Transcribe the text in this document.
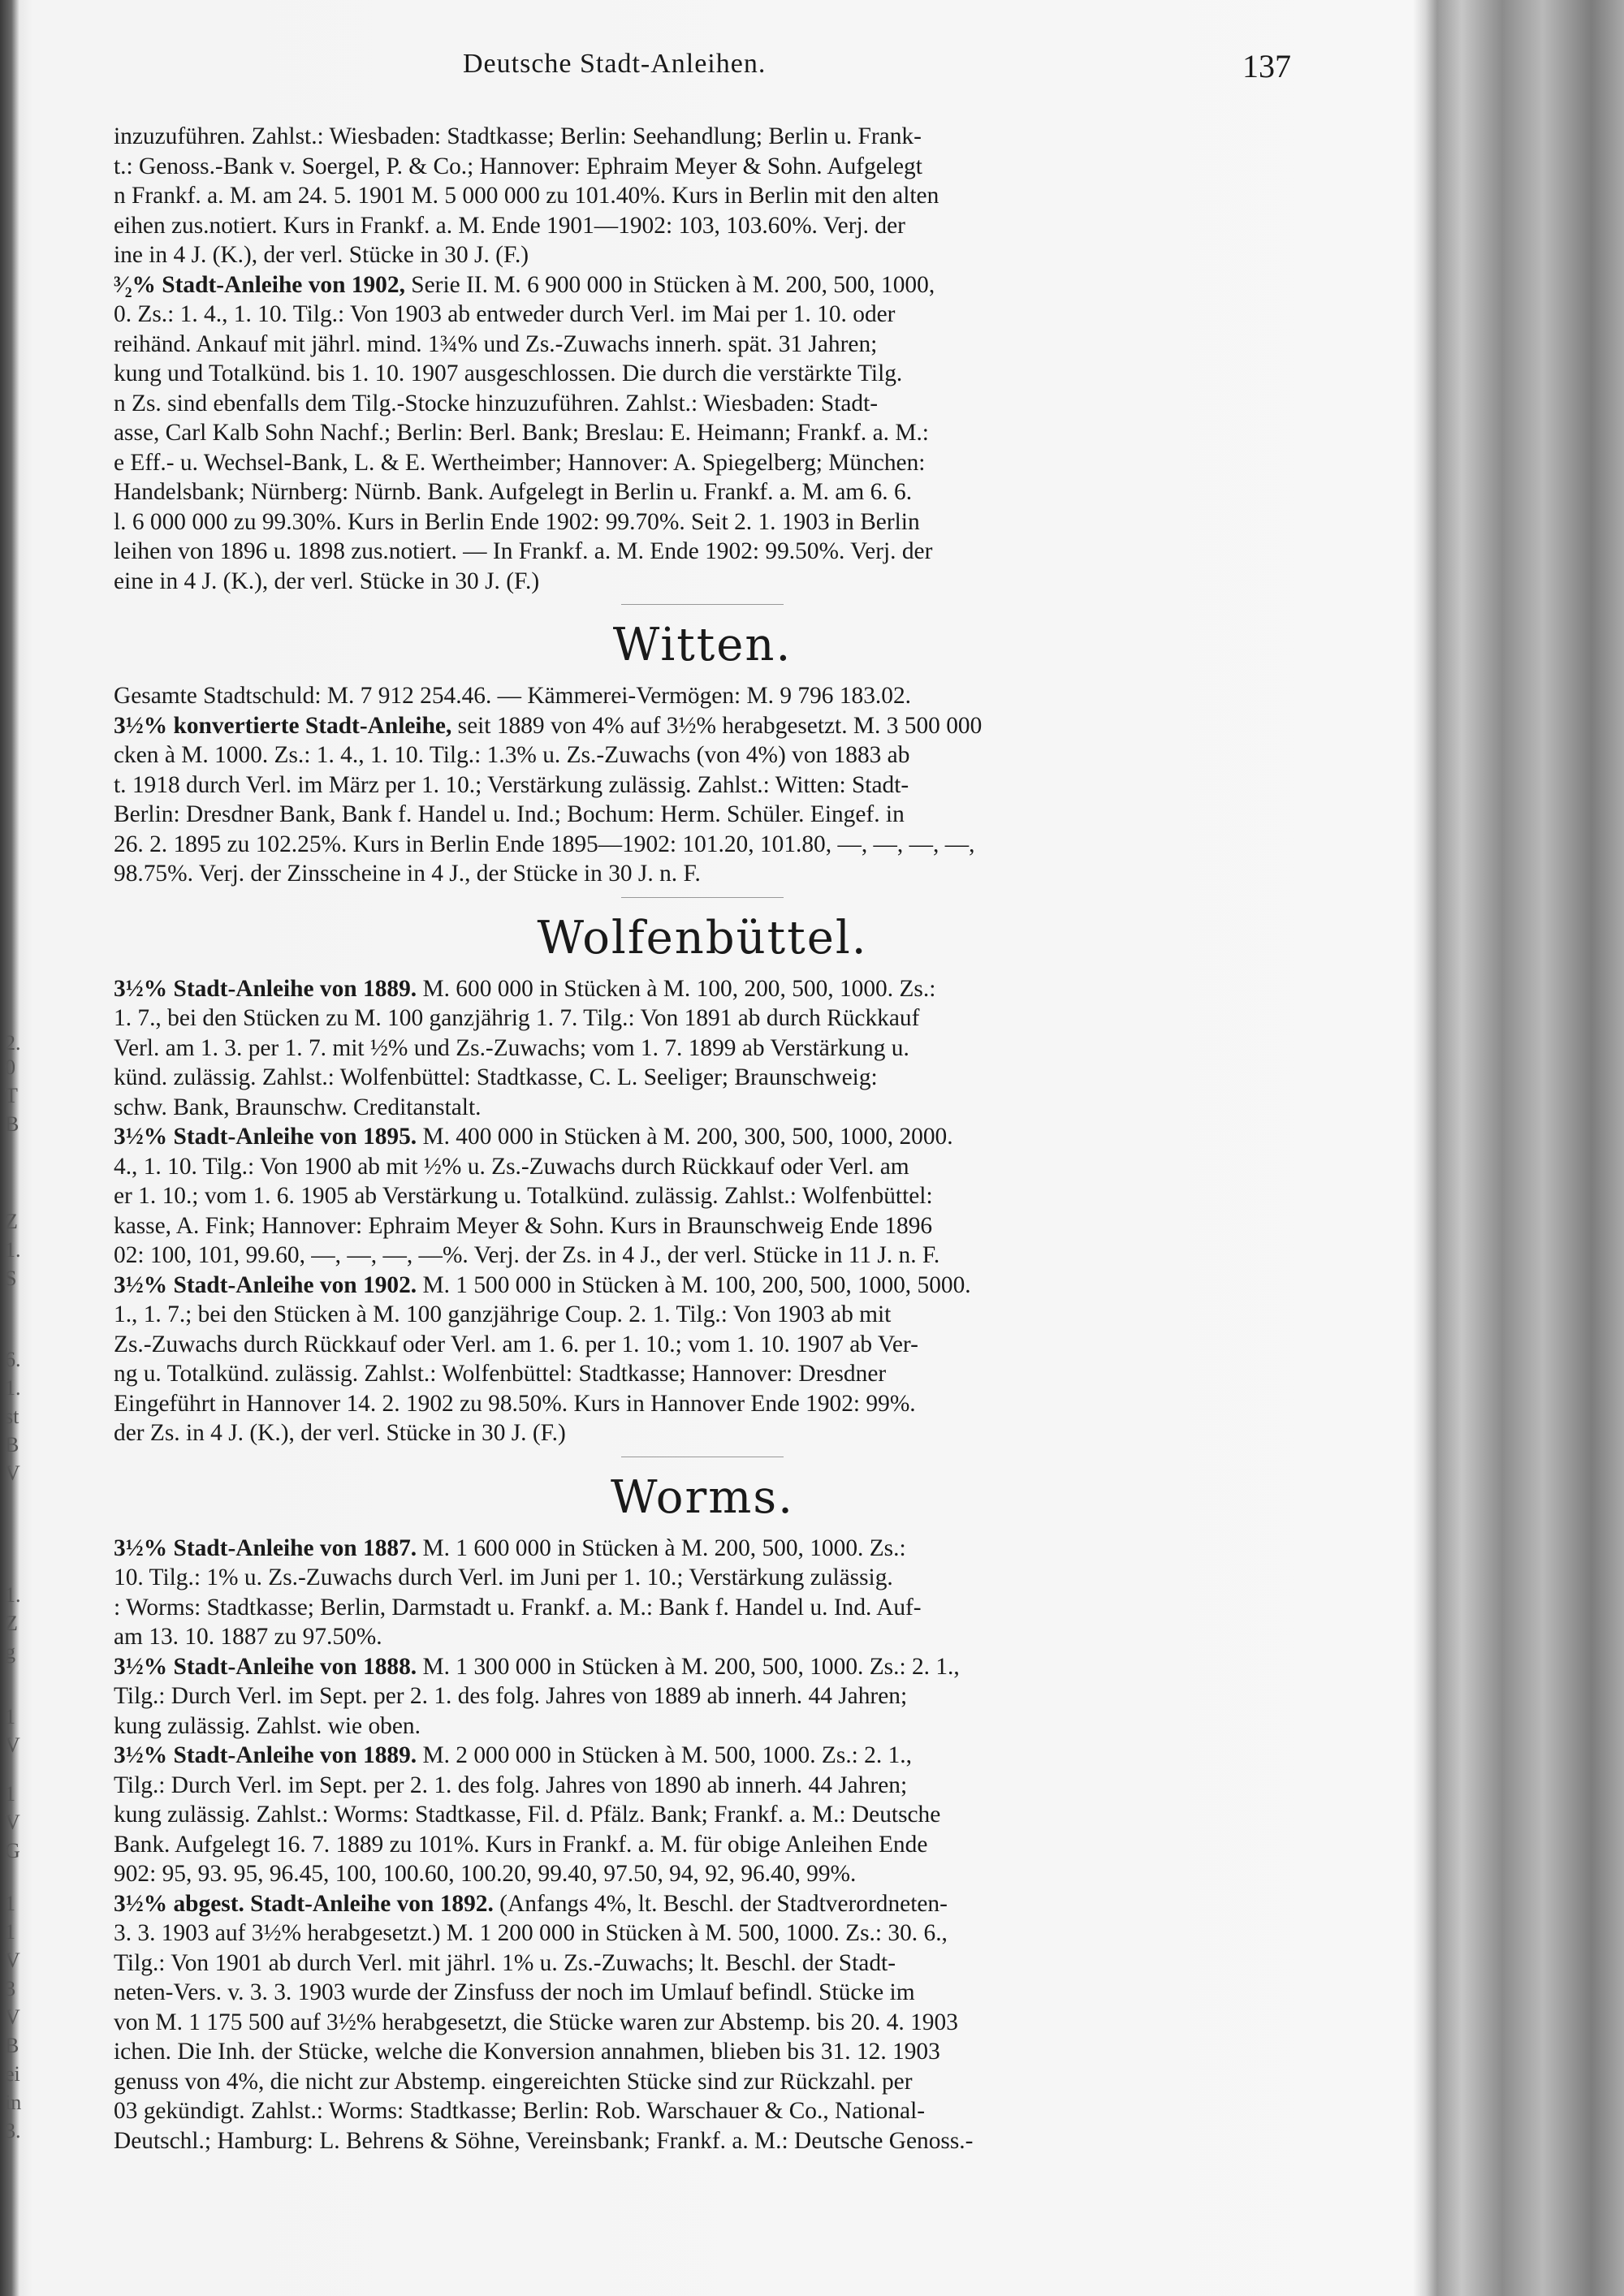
2.
0
T
B
Z
1.
S
6.
1.
st
B
V
1.
Z
g
1
V
1
V
G
1
1
V
3
V
B
ei
in
3.
Deutsche Stadt-Anleihen.	137

inzuzuführen. Zahlst.: Wiesbaden: Stadtkasse; Berlin: Seehandlung; Berlin u. Frank-

t.: Genoss.-Bank v. Soergel, P. & Co.; Hannover: Ephraim Meyer & Sohn. Aufgelegt

n Frankf. a. M. am 24. 5. 1901 M. 5 000 000 zu 101.40%. Kurs in Berlin mit den alten

eihen zus.notiert. Kurs in Frankf. a. M. Ende 1901—1902: 103, 103.60%. Verj. der

ine in 4 J. (K.), der verl. Stücke in 30 J. (F.)

³⁄₂% Stadt-Anleihe von 1902, Serie II. M. 6 900 000 in Stücken à M. 200, 500, 1000,

0. Zs.: 1. 4., 1. 10. Tilg.: Von 1903 ab entweder durch Verl. im Mai per 1. 10. oder

reihänd. Ankauf mit jährl. mind. 1¾% und Zs.-Zuwachs innerh. spät. 31 Jahren;

kung und Totalkünd. bis 1. 10. 1907 ausgeschlossen. Die durch die verstärkte Tilg.

n Zs. sind ebenfalls dem Tilg.-Stocke hinzuzuführen. Zahlst.: Wiesbaden: Stadt-

asse, Carl Kalb Sohn Nachf.; Berlin: Berl. Bank; Breslau: E. Heimann; Frankf. a. M.:

e Eff.- u. Wechsel-Bank, L. & E. Wertheimber; Hannover: A. Spiegelberg; München:

Handelsbank; Nürnberg: Nürnb. Bank. Aufgelegt in Berlin u. Frankf. a. M. am 6. 6.

l. 6 000 000 zu 99.30%. Kurs in Berlin Ende 1902: 99.70%. Seit 2. 1. 1903 in Berlin

leihen von 1896 u. 1898 zus.notiert. — In Frankf. a. M. Ende 1902: 99.50%. Verj. der

eine in 4 J. (K.), der verl. Stücke in 30 J. (F.)

Witten.

Gesamte Stadtschuld: M. 7 912 254.46. — Kämmerei-Vermögen: M. 9 796 183.02.

3½% konvertierte Stadt-Anleihe, seit 1889 von 4% auf 3½% herabgesetzt. M. 3 500 000

cken à M. 1000. Zs.: 1. 4., 1. 10. Tilg.: 1.3% u. Zs.-Zuwachs (von 4%) von 1883 ab

t. 1918 durch Verl. im März per 1. 10.; Verstärkung zulässig. Zahlst.: Witten: Stadt-

Berlin: Dresdner Bank, Bank f. Handel u. Ind.; Bochum: Herm. Schüler. Eingef. in

26. 2. 1895 zu 102.25%. Kurs in Berlin Ende 1895—1902: 101.20, 101.80, —, —, —, —,

98.75%. Verj. der Zinsscheine in 4 J., der Stücke in 30 J. n. F.

Wolfenbüttel.

3½% Stadt-Anleihe von 1889. M. 600 000 in Stücken à M. 100, 200, 500, 1000. Zs.:

1. 7., bei den Stücken zu M. 100 ganzjährig 1. 7. Tilg.: Von 1891 ab durch Rückkauf

Verl. am 1. 3. per 1. 7. mit ½% und Zs.-Zuwachs; vom 1. 7. 1899 ab Verstärkung u.

künd. zulässig. Zahlst.: Wolfenbüttel: Stadtkasse, C. L. Seeliger; Braunschweig:

schw. Bank, Braunschw. Creditanstalt.

3½% Stadt-Anleihe von 1895. M. 400 000 in Stücken à M. 200, 300, 500, 1000, 2000.

4., 1. 10. Tilg.: Von 1900 ab mit ½% u. Zs.-Zuwachs durch Rückkauf oder Verl. am

er 1. 10.; vom 1. 6. 1905 ab Verstärkung u. Totalkünd. zulässig. Zahlst.: Wolfenbüttel:

kasse, A. Fink; Hannover: Ephraim Meyer & Sohn. Kurs in Braunschweig Ende 1896

02: 100, 101, 99.60, —, —, —, —%. Verj. der Zs. in 4 J., der verl. Stücke in 11 J. n. F.

3½% Stadt-Anleihe von 1902. M. 1 500 000 in Stücken à M. 100, 200, 500, 1000, 5000.

1., 1. 7.; bei den Stücken à M. 100 ganzjährige Coup. 2. 1. Tilg.: Von 1903 ab mit

Zs.-Zuwachs durch Rückkauf oder Verl. am 1. 6. per 1. 10.; vom 1. 10. 1907 ab Ver-

ng u. Totalkünd. zulässig. Zahlst.: Wolfenbüttel: Stadtkasse; Hannover: Dresdner

Eingeführt in Hannover 14. 2. 1902 zu 98.50%. Kurs in Hannover Ende 1902: 99%.

der Zs. in 4 J. (K.), der verl. Stücke in 30 J. (F.)

Worms.

3½% Stadt-Anleihe von 1887. M. 1 600 000 in Stücken à M. 200, 500, 1000. Zs.:

10. Tilg.: 1% u. Zs.-Zuwachs durch Verl. im Juni per 1. 10.; Verstärkung zulässig.

: Worms: Stadtkasse; Berlin, Darmstadt u. Frankf. a. M.: Bank f. Handel u. Ind. Auf-

am 13. 10. 1887 zu 97.50%.

3½% Stadt-Anleihe von 1888. M. 1 300 000 in Stücken à M. 200, 500, 1000. Zs.: 2. 1.,

Tilg.: Durch Verl. im Sept. per 2. 1. des folg. Jahres von 1889 ab innerh. 44 Jahren;

kung zulässig. Zahlst. wie oben.

3½% Stadt-Anleihe von 1889. M. 2 000 000 in Stücken à M. 500, 1000. Zs.: 2. 1.,

Tilg.: Durch Verl. im Sept. per 2. 1. des folg. Jahres von 1890 ab innerh. 44 Jahren;

kung zulässig. Zahlst.: Worms: Stadtkasse, Fil. d. Pfälz. Bank; Frankf. a. M.: Deutsche

Bank. Aufgelegt 16. 7. 1889 zu 101%. Kurs in Frankf. a. M. für obige Anleihen Ende

902: 95, 93. 95, 96.45, 100, 100.60, 100.20, 99.40, 97.50, 94, 92, 96.40, 99%.

3½% abgest. Stadt-Anleihe von 1892. (Anfangs 4%, lt. Beschl. der Stadtverordneten-

3. 3. 1903 auf 3½% herabgesetzt.) M. 1 200 000 in Stücken à M. 500, 1000. Zs.: 30. 6.,

Tilg.: Von 1901 ab durch Verl. mit jährl. 1% u. Zs.-Zuwachs; lt. Beschl. der Stadt-

neten-Vers. v. 3. 3. 1903 wurde der Zinsfuss der noch im Umlauf befindl. Stücke im

von M. 1 175 500 auf 3½% herabgesetzt, die Stücke waren zur Abstemp. bis 20. 4. 1903

ichen. Die Inh. der Stücke, welche die Konversion annahmen, blieben bis 31. 12. 1903

genuss von 4%, die nicht zur Abstemp. eingereichten Stücke sind zur Rückzahl. per

03 gekündigt. Zahlst.: Worms: Stadtkasse; Berlin: Rob. Warschauer & Co., National-

Deutschl.; Hamburg: L. Behrens & Söhne, Vereinsbank; Frankf. a. M.: Deutsche Genoss.-
